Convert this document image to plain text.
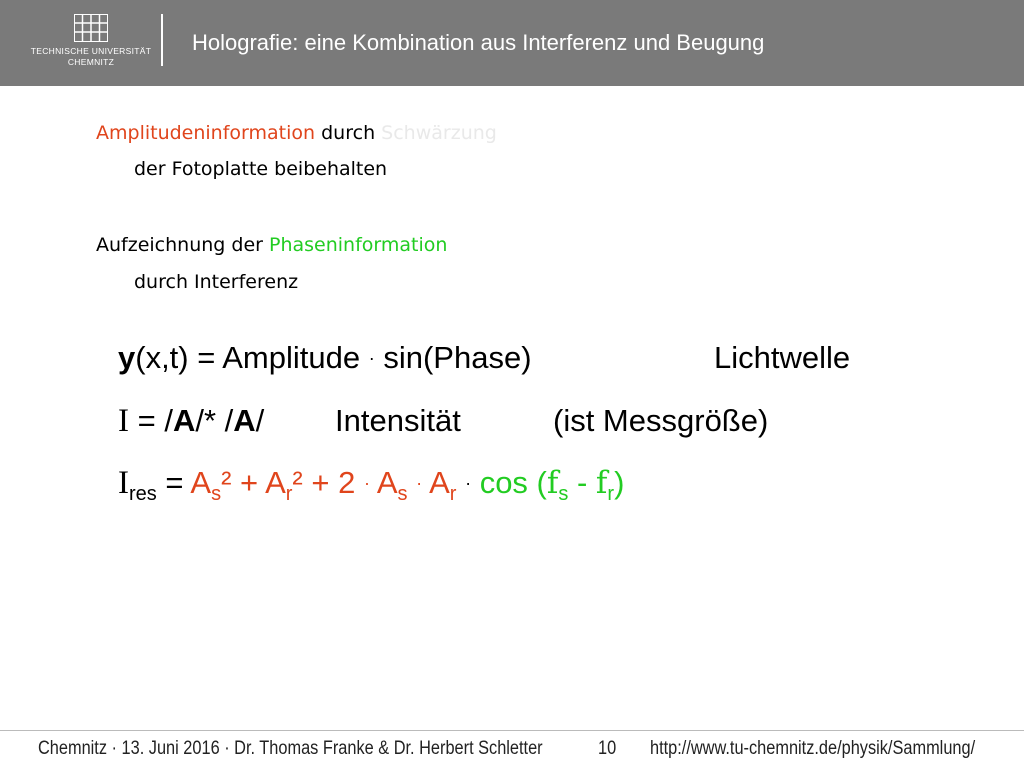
TECHNISCHE UNIVERSITÄT
CHEMNITZ
Holografie: eine Kombination aus Interferenz und Beugung
Amplitudeninformation durch Schwärzung
der Fotoplatte beibehalten
Aufzeichnung der Phaseninformation
durch Interferenz
y(x,t) = Amplitude · sin(Phase)	Lichtwelle
I = /A/* /A/ Intensität	(ist Messgröße)
$I_{res} = A_s^2 + A_r^2 + 2 \cdot A_s \cdot A_r \cdot \cos (f_s - f_r)$
Chemnitz · 13. Juni 2016 · Dr. Thomas Franke & Dr. Herbert Schletter	10 http://www.tu-chemnitz.de/physik/Sammlung/
